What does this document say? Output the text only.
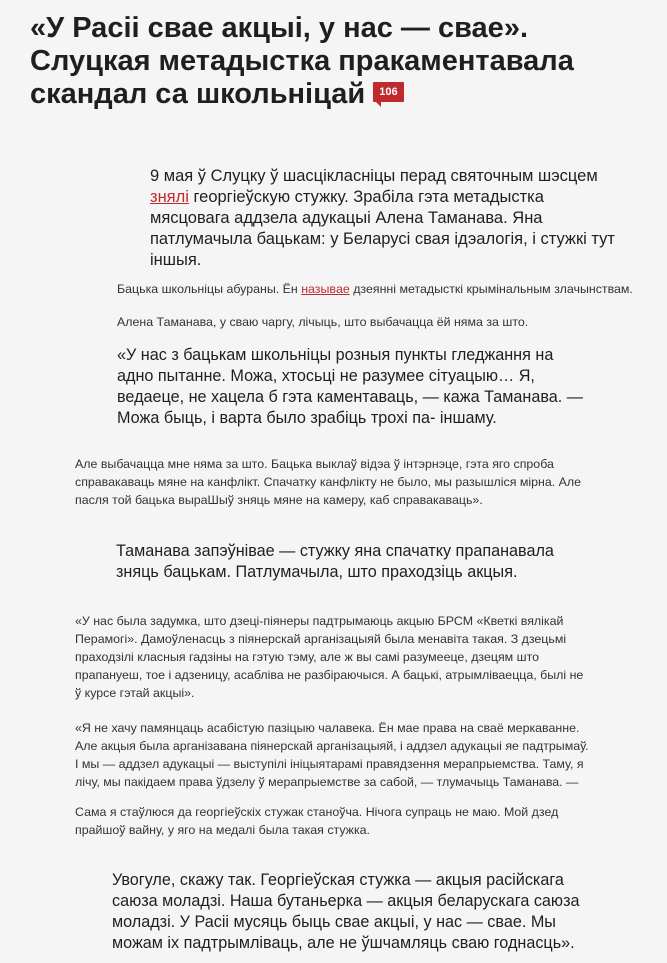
«У Расіі свае акцыі, у нас — свае». Слуцкая метадыстка пракаментавала скандал са школьніцай 106

9 мая ў Слуцку ў шасцікласніцы перад святочным шэсцем знялі георгіеўскую стужку. Зрабіла гэта метадыстка мясцовага аддзела адукацыі Алена Таманава. Яна патлумачыла бацькам: у Беларусі свая ідэалогія, і стужкі тут іншыя.

Бацька школьніцы абураны. Ён назывaе дзеянні метадысткі крымінальным злачынствам.

Алена Таманава, у сваю чаргу, лічыць, што выбачацца ёй няма за што.

«У нас з бацькам школьніцы розныя пункты гледжання на адно пытанне. Можа, хтосьці не разумее сітуацыю… Я, ведаеце, не хацела б гэта каментаваць, — кажа Таманава. — Можа быць, і варта было зрабіць трохі па- іншаму.

Але выбачацца мне няма за што. Бацька выклаў відэа ў інтэрнэце, гэта яго спроба справакаваць мяне на канфлікт. Спачатку канфлікту не было, мы разышліся мірна. Але пасля той бацька выраШыў зняць мяне на камеру, каб справакаваць».

Таманава запэўнівае — стужку яна спачатку прапанавала зняць бацькам. Патлумачыла, што праходзіць акцыя.

«У нас была задумка, што дзеці-піянеры падтрымаюць акцыю БРСМ «Кветкі вялікай Перамогі». Дамоўленасць з піянерскай арганізацыяй была менавіта такая. З дзецьмі праходзілі класныя гадзіны на гэтую тэму, але ж вы самі разумееце, дзецям што прапануеш, тое і адзеницу, асабліва не разбіраючыся. А бацькі, атрымліваецца, былі не ў курсе гэтай акцыі».

«Я не хачу памянцаць асабістую пазіцыю чалавека. Ён мае права на сваё меркаванне. Але акцыя была арганізавана піянерскай арганізацыяй, і аддзел адукацыі яе падтрымаў. І мы — аддзел адукацыі — выступілі ініцыятарамі правядзення мерапрыемства. Таму, я лічу, мы пакідаем права ўдзелу ў мерапрыемстве за сабой, — тлумачыць Таманава. —

Сама я стаўлюся да георгіеўскіх стужак станоўча. Нічога супраць не маю. Мой дзед прайшоў вайну, у яго на медалі была такая стужка.

Увогуле, скажу так. Георгіеўская стужка — акцыя расійскага саюза моладзі. Наша бутаньерка — акцыя беларускага саюза моладзі. У Расіі мусяць быць свае акцыі, у нас — свае. Мы можам іх падтрымліваць, але не ўшчамляць сваю годнасць».
